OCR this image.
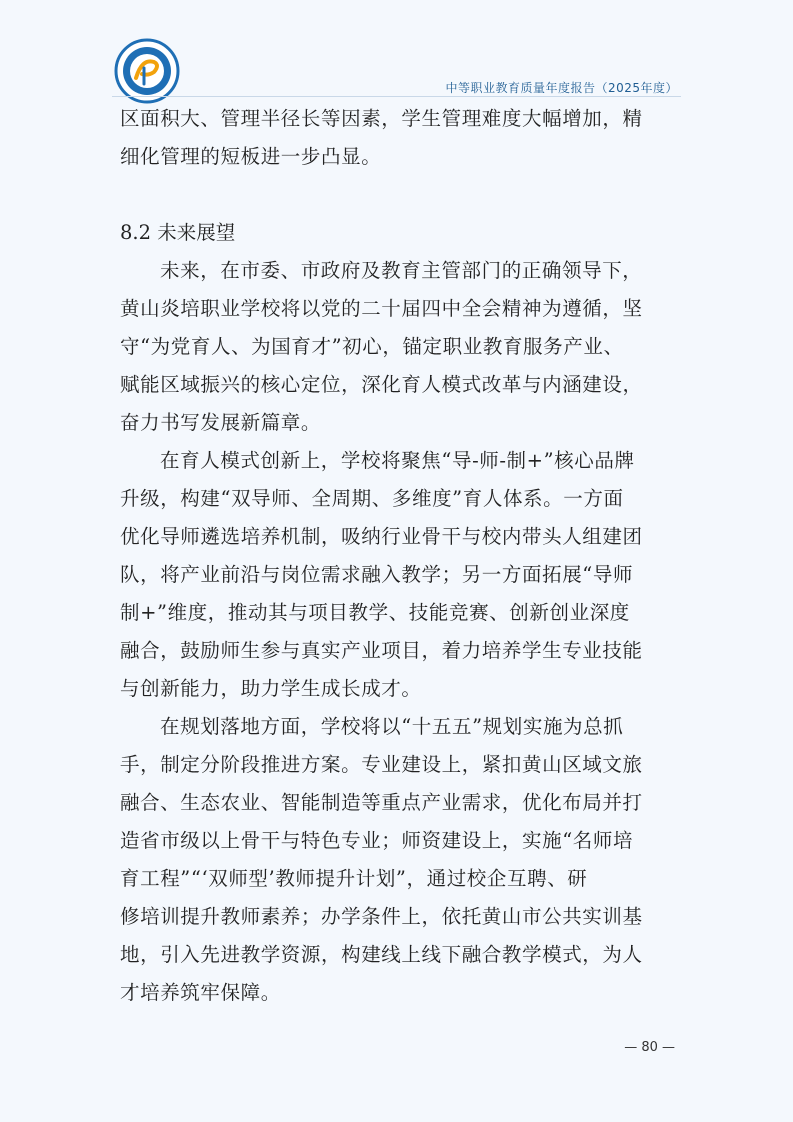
中等职业教育质量年度报告（2025年度）

区面积大、管理半径长等因素，学生管理难度大幅增加，精

细化管理的短板进一步凸显。

8.2 未来展望

未来，在市委、市政府及教育主管部门的正确领导下，

黄山炎培职业学校将以党的二十届四中全会精神为遵循，坚

守“为党育人、为国育才”初心，锚定职业教育服务产业、

赋能区域振兴的核心定位，深化育人模式改革与内涵建设，

奋力书写发展新篇章。

在育人模式创新上，学校将聚焦“导-师-制+”核心品牌

升级，构建“双导师、全周期、多维度”育人体系。一方面

优化导师遴选培养机制，吸纳行业骨干与校内带头人组建团

队，将产业前沿与岗位需求融入教学；另一方面拓展“导师

制+”维度，推动其与项目教学、技能竞赛、创新创业深度

融合，鼓励师生参与真实产业项目，着力培养学生专业技能

与创新能力，助力学生成长成才。

在规划落地方面，学校将以“十五五”规划实施为总抓

手，制定分阶段推进方案。专业建设上，紧扣黄山区域文旅

融合、生态农业、智能制造等重点产业需求，优化布局并打

造省市级以上骨干与特色专业；师资建设上，实施“名师培

育工程”“‘双师型’教师提升计划”，通过校企互聘、研

修培训提升教师素养；办学条件上，依托黄山市公共实训基

地，引入先进教学资源，构建线上线下融合教学模式，为人

才培养筑牢保障。

— 80 —
